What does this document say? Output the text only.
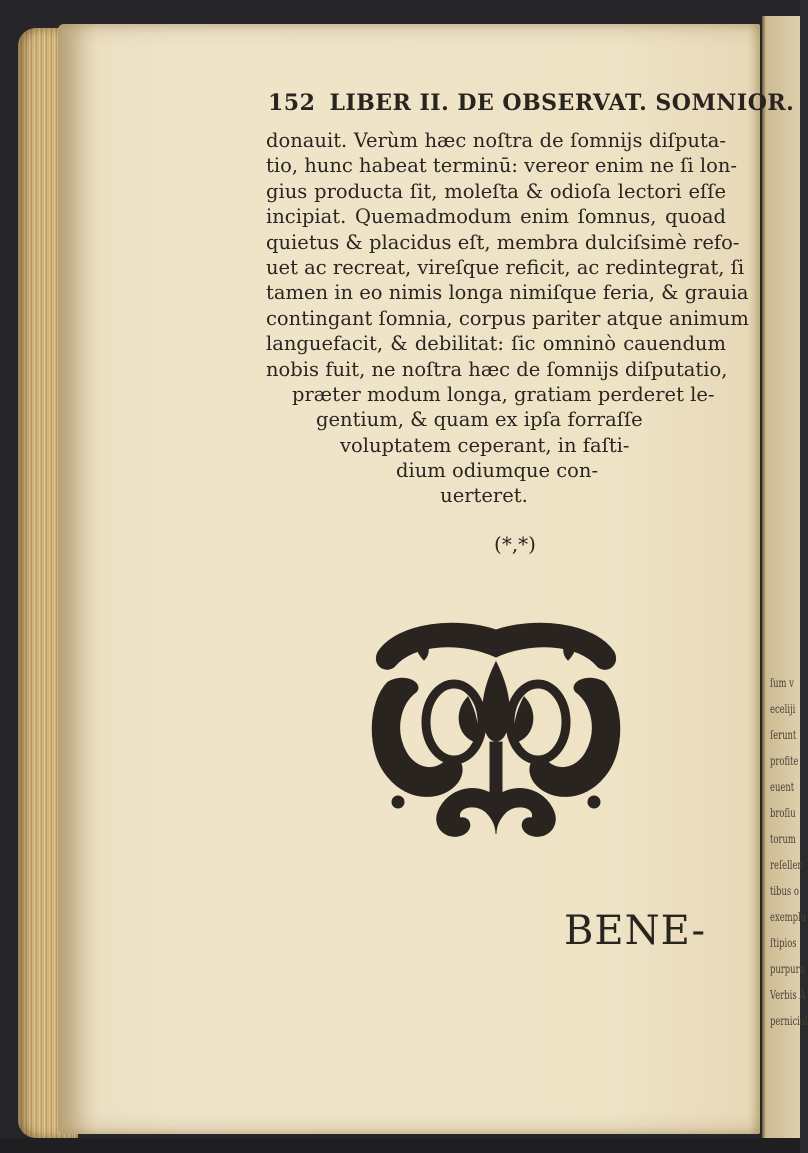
ſum v
eceliji
ſerunt
profite
euent
broſiu
torum
reſellen
tibus o
exemplu
ſtipios
purpura
Verbis A
perniciol
152 LIBER II. DE OBSERVAT. SOMNIOR.
donauit. Verùm hæc noſtra de ſomnijs diſputa-
tio, hunc habeat terminū: vereor enim ne ſi lon-
gius producta ſit, moleſta & odioſa lectori eſſe
incipiat. Quemadmodum enim ſomnus, quoad
quietus & placidus eſt, membra dulciſsimè refo-
uet ac recreat, vireſque reficit, ac redintegrat, ſi
tamen in eo nimis longa nimiſque feria, & grauia
contingant ſomnia, corpus pariter atque animum
languefacit, & debilitat: ſic omninò cauendum
nobis fuit, ne noſtra hæc de ſomnijs diſputatio,
præter modum longa, gratiam perderet le-
gentium, & quam ex ipſa forraſſe
voluptatem ceperant, in faſti-
dium odiumque con-
uerteret.
(*,*)
BENE-
